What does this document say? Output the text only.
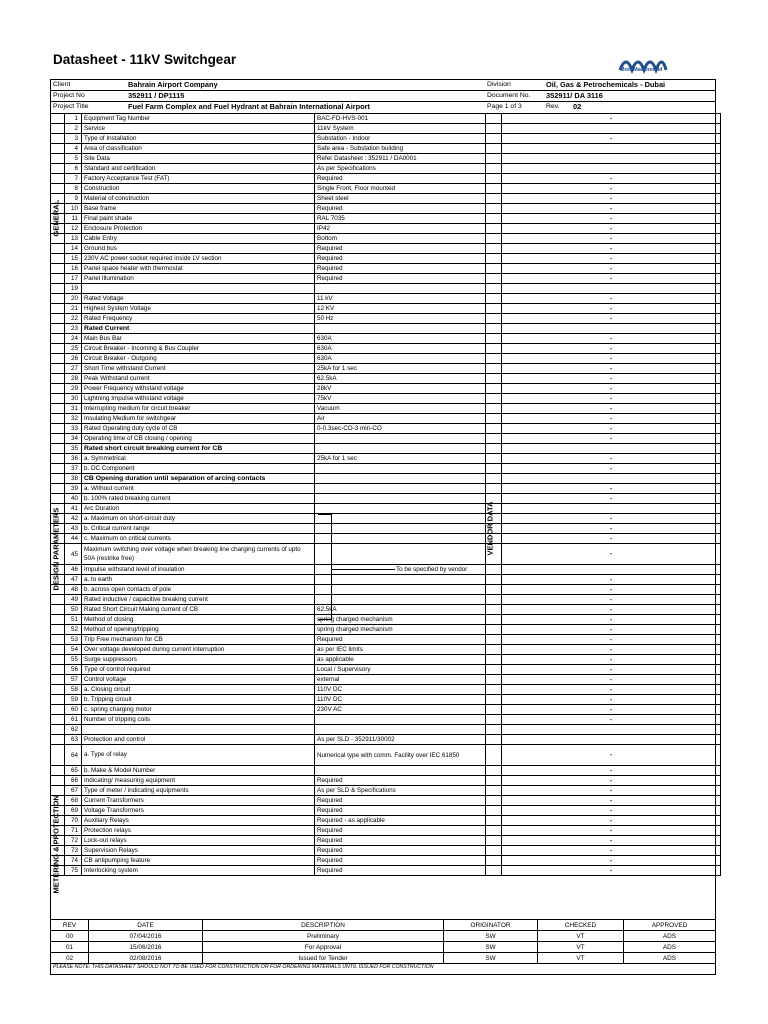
Datasheet - 11kV Switchgear
Mott MacDonald
Client	Bahrain Airport Company
Project No	352911 / DP1115
Project Title	Fuel Farm Complex and Fuel Hydrant at Bahrain International Airport
Division	Oil, Gas & Petrochemicals - Dubai
Document No. 352911/ DA 3116
Page 1 of 3	Rev. 02
	1	Equipment Tag Number	BAC-FD-HVS-001		-
	2	Service	11kV System		
	3	Type of Installation	Substation - Indoor		-
	4	Area of classification	Safe area - Substation building		
	5	Site Data	Refer Datasheet : 352911 / DA0001		
	6	Standard and certification	As per Specifications		
	7	Factory Acceptance Test (FAT)	Required		-
	8	Construction	Single Front, Floor mounted		-
	9	Material of construction	Sheet steel		-
	10	Base frame	Required		-
	11	Final paint shade	RAL 7035		-
	12	Enclosure Protection	IP42		-
	13	Cable Entry	Bottom		-
	14	Ground bus	Required		-
	15	230V AC power socket required inside LV section	Required		-
	16	Panel space heater with thermostat	Required		-
	17	Panel Illumination	Required		-
	19				
	20	Rated Voltage	11 kV		-
	21	Highest System Voltage	12 KV		-
	22	Rated Frequency	50 Hz		-
	23	Rated Current			
	24	Main Bus Bar	630A		-
	25	Circuit Breaker - Incoming & Bus Coupler	630A		-
	26	Circuit Breaker - Outgoing	630A		-
	27	Short Time withstand Current	25kA for 1 sec		-
	28	Peak Withstand current	62.5kA		-
	29	Power Frequency withstand voltage	28kV		-
	30	Lightning Impulse withstand voltage	75kV		-
	31	Interrupting medium for circuit breaker	Vacuum		-
	32	Insulating Medium for switchgear	Air		-
	33	Rated Operating duty cycle of CB	0-0.3sec-CO-3 min-CO		-
	34	Operating time of CB closing / opening			-
	35	Rated short circuit breaking current for CB			
	36	a. Symmetrical	25kA for 1 sec		-
	37	b. DC Component			-
	38	CB Opening duration until separation of arcing contacts			
	39	a. Without current			-
	40	b. 100% rated breaking current			-
	41	Arc Duration			
	42	a. Maximum on short-circuit duty			-
	43	b. Critical current range			-
	44	c. Maximum on critical currents			-
	45	Maximum switching over voltage when breaking line charging currents of upto 50A (restrike free)			-
	46	Impulse withstand level of insulation			
	47	a. to earth			-
	48	b. across open contacts of pole			-
	49	Rated inductive / capacitive breaking current			-
	50	Rated Short Circuit Making current of CB	62.5kA		-
	51	Method of closing	spring charged mechanism		-
	52	Method of opening/tripping	spring charged mechanism		-
	53	Trip Free mechanism for CB	Required		-
	54	Over voltage developed during current interruption	as per IEC limits		-
	55	Surge suppressors	as applicable		-
	56	Type of control required	Local / Supervisory		-
	57	Control voltage	external		-
	58	a. Closing circuit	110V DC		-
	59	b. Tripping circuit	110V DC		-
	60	c. spring charging motor	230V AC		-
	61	Number of tripping coils			-
	62				
	63	Protection and control	As per SLD - 352911/30002		
	64	a. Type of relay	Numerical type with comm. Facility over IEC 61850		-
	65	b. Make & Model Number			-
	66	Indicating/ measuring equipment	Required		-
	67	Type of meter / indicating equipments	As per SLD & Specifications		-
	68	Current Transformers	Required		-
	69	Voltage Transformers	Required		-
	70	Auxiliary Relays	Required - as applicable		-
	71	Protection relays	Required		-
	72	Lock-out relays	Required		-
	73	Supervision Relays	Required		-
	74	CB antipumping feature	Required		-
	75	Interlocking system	Required		-
GENERAL
DESIGN PARAMETERS
METERING & PROTECTION
VENDOR DATA
To be specified by vendor
REV	DATE	DESCRIPTION	ORIGINATOR	CHECKED	APPROVED
00	07/04/2016	Preliminary	SW	VT	ADS
01	15/06/2016	For Approval	SW	VT	ADS
02	02/08/2016	Issued for Tender	SW	VT	ADS
PLEASE NOTE: THIS DATASHEET SHOULD NOT TO BE USED FOR CONSTRUCTION OR FOR ORDERING MATERIALS UNTIL ISSUED FOR CONSTRUCTION
